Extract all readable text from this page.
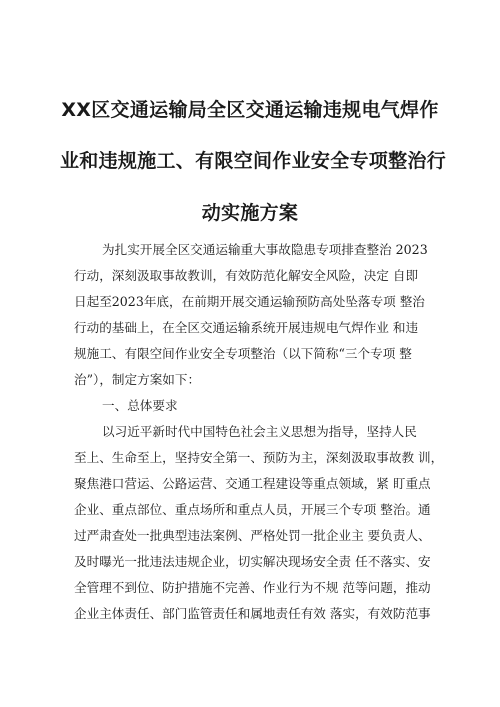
XX区交通运输局全区交通运输违规电气焊作
业和违规施工、有限空间作业安全专项整治行
动实施方案
为扎实开展全区交通运输重大事故隐患专项排查整治 2023
行动，深刻汲取事故教训，有效防范化解安全风险，决定 自即
日起至2023年底，在前期开展交通运输预防高处坠落专项 整治
行动的基础上，在全区交通运输系统开展违规电气焊作业 和违
规施工、有限空间作业安全专项整治（以下简称“三个专项 整
治”），制定方案如下：
一、总体要求
以习近平新时代中国特色社会主义思想为指导，坚持人民
至上、生命至上，坚持安全第一、预防为主，深刻汲取事故教 训，
聚焦港口营运、公路运营、交通工程建设等重点领域，紧 盯重点
企业、重点部位、重点场所和重点人员，开展三个专项 整治。通
过严肃查处一批典型违法案例、严格处罚一批企业主 要负责人、
及时曝光一批违法违规企业，切实解决现场安全责 任不落实、安
全管理不到位、防护措施不完善、作业行为不规 范等问题，推动
企业主体责任、部门监管责任和属地责任有效 落实，有效防范事
